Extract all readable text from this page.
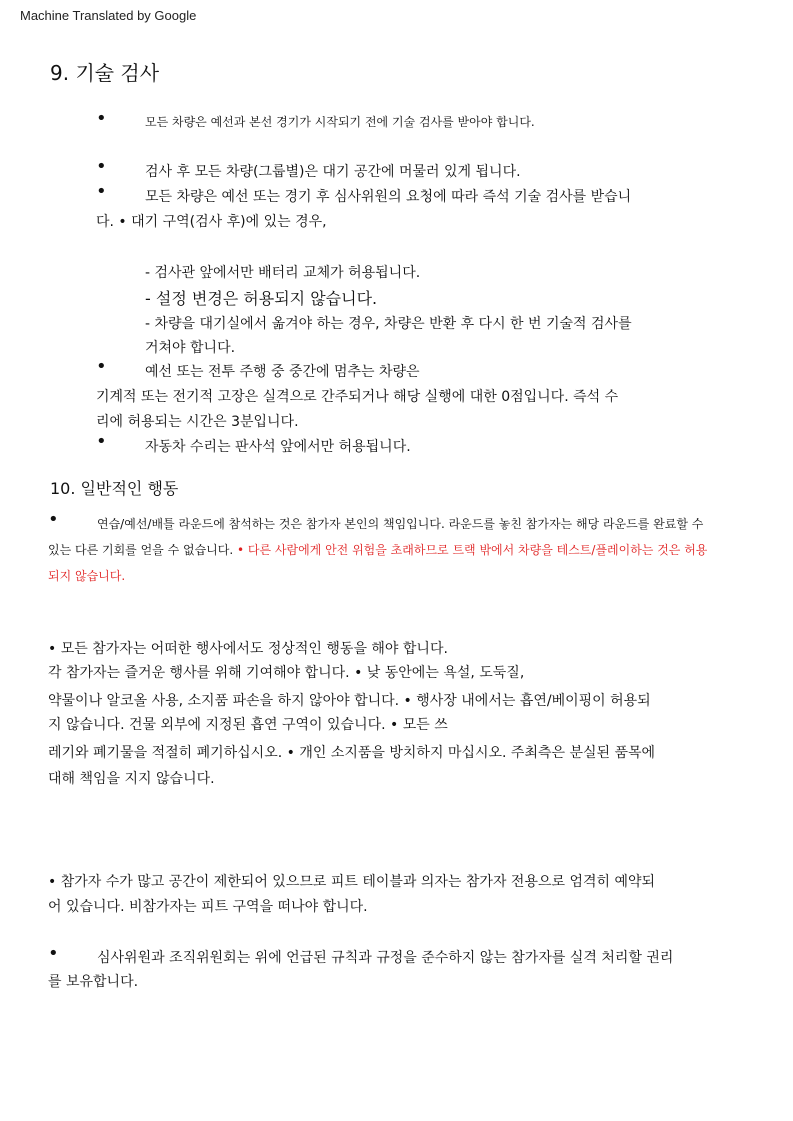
Machine Translated by Google
9. 기술 검사
•	모든 차량은 예선과 본선 경기가 시작되기 전에 기술 검사를 받아야 합니다.
•	검사 후 모든 차량(그룹별)은 대기 공간에 머물러 있게 됩니다.
•	모든 차량은 예선 또는 경기 후 심사위원의 요청에 따라 즉석 기술 검사를 받습니
다. • 대기 구역(검사 후)에 있는 경우,
- 검사관 앞에서만 배터리 교체가 허용됩니다.
- 설정 변경은 허용되지 않습니다.
- 차량을 대기실에서 옮겨야 하는 경우, 차량은 반환 후 다시 한 번 기술적 검사를
거쳐야 합니다.
•	예선 또는 전투 주행 중 중간에 멈추는 차량은
기계적 또는 전기적 고장은 실격으로 간주되거나 해당 실행에 대한 0점입니다. 즉석 수
리에 허용되는 시간은 3분입니다.
•	자동차 수리는 판사석 앞에서만 허용됩니다.
10. 일반적인 행동
•	연습/예선/배틀 라운드에 참석하는 것은 참가자 본인의 책임입니다. 라운드를 놓친 참가자는 해당 라운드를 완료할 수
있는 다른 기회를 얻을 수 없습니다. • 다른 사람에게 안전 위험을 초래하므로 트랙 밖에서 차량을 테스트/플레이하는 것은 허용
되지 않습니다.
• 모든 참가자는 어떠한 행사에서도 정상적인 행동을 해야 합니다.
각 참가자는 즐거운 행사를 위해 기여해야 합니다. • 낮 동안에는 욕설, 도둑질,
약물이나 알코올 사용, 소지품 파손을 하지 않아야 합니다. • 행사장 내에서는 흡연/베이핑이 허용되
지 않습니다. 건물 외부에 지정된 흡연 구역이 있습니다. • 모든 쓰
레기와 폐기물을 적절히 폐기하십시오. • 개인 소지품을 방치하지 마십시오. 주최측은 분실된 품목에
대해 책임을 지지 않습니다.
• 참가자 수가 많고 공간이 제한되어 있으므로 피트 테이블과 의자는 참가자 전용으로 엄격히 예약되
어 있습니다. 비참가자는 피트 구역을 떠나야 합니다.
•	심사위원과 조직위원회는 위에 언급된 규칙과 규정을 준수하지 않는 참가자를 실격 처리할 권리
를 보유합니다.
